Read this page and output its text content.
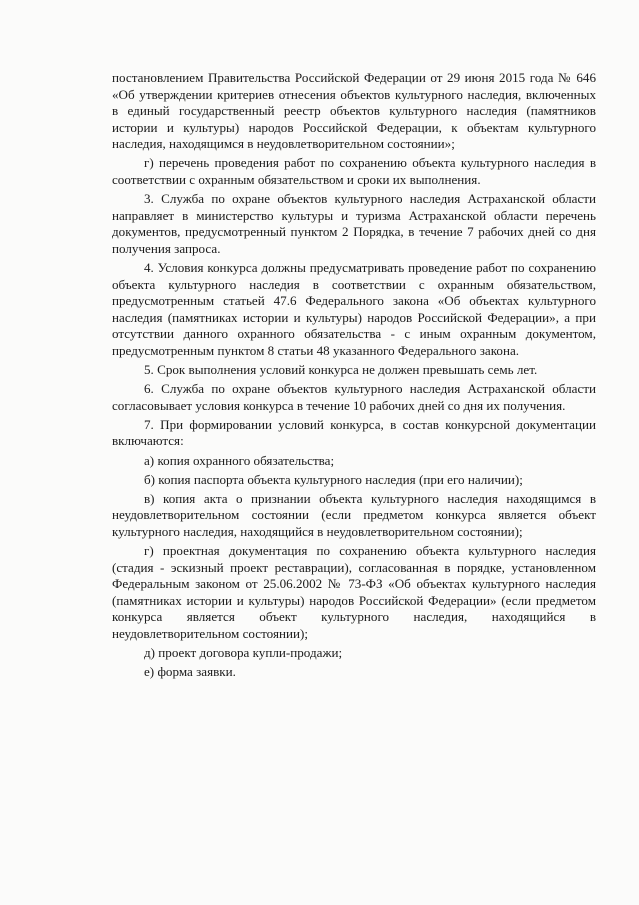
постановлением Правительства Российской Федерации от 29 июня 2015 года № 646 «Об утверждении критериев отнесения объектов культурного наследия, включенных в единый государственный реестр объектов культурного наследия (памятников истории и культуры) народов Российской Федерации, к объектам культурного наследия, находящимся в неудовлетворительном состоянии»;

г) перечень проведения работ по сохранению объекта культурного наследия в соответствии с охранным обязательством и сроки их выполнения.

3. Служба по охране объектов культурного наследия Астраханской области направляет в министерство культуры и туризма Астраханской области перечень документов, предусмотренный пунктом 2 Порядка, в течение 7 рабочих дней со дня получения запроса.

4. Условия конкурса должны предусматривать проведение работ по сохранению объекта культурного наследия в соответствии с охранным обязательством, предусмотренным статьей 47.6 Федерального закона «Об объектах культурного наследия (памятниках истории и культуры) народов Российской Федерации», а при отсутствии данного охранного обязательства - с иным охранным документом, предусмотренным пунктом 8 статьи 48 указанного Федерального закона.

5. Срок выполнения условий конкурса не должен превышать семь лет.

6. Служба по охране объектов культурного наследия Астраханской области согласовывает условия конкурса в течение 10 рабочих дней со дня их получения.

7. При формировании условий конкурса, в состав конкурсной документации включаются:

а) копия охранного обязательства;

б) копия паспорта объекта культурного наследия (при его наличии);

в) копия акта о признании объекта культурного наследия находящимся в неудовлетворительном состоянии (если предметом конкурса является объект культурного наследия, находящийся в неудовлетворительном состоянии);

г) проектная документация по сохранению объекта культурного наследия (стадия - эскизный проект реставрации), согласованная в порядке, установленном Федеральным законом от 25.06.2002 № 73-ФЗ «Об объектах культурного наследия (памятниках истории и культуры) народов Российской Федерации» (если предметом конкурса является объект культурного наследия, находящийся в неудовлетворительном состоянии);

д) проект договора купли-продажи;

е) форма заявки.
